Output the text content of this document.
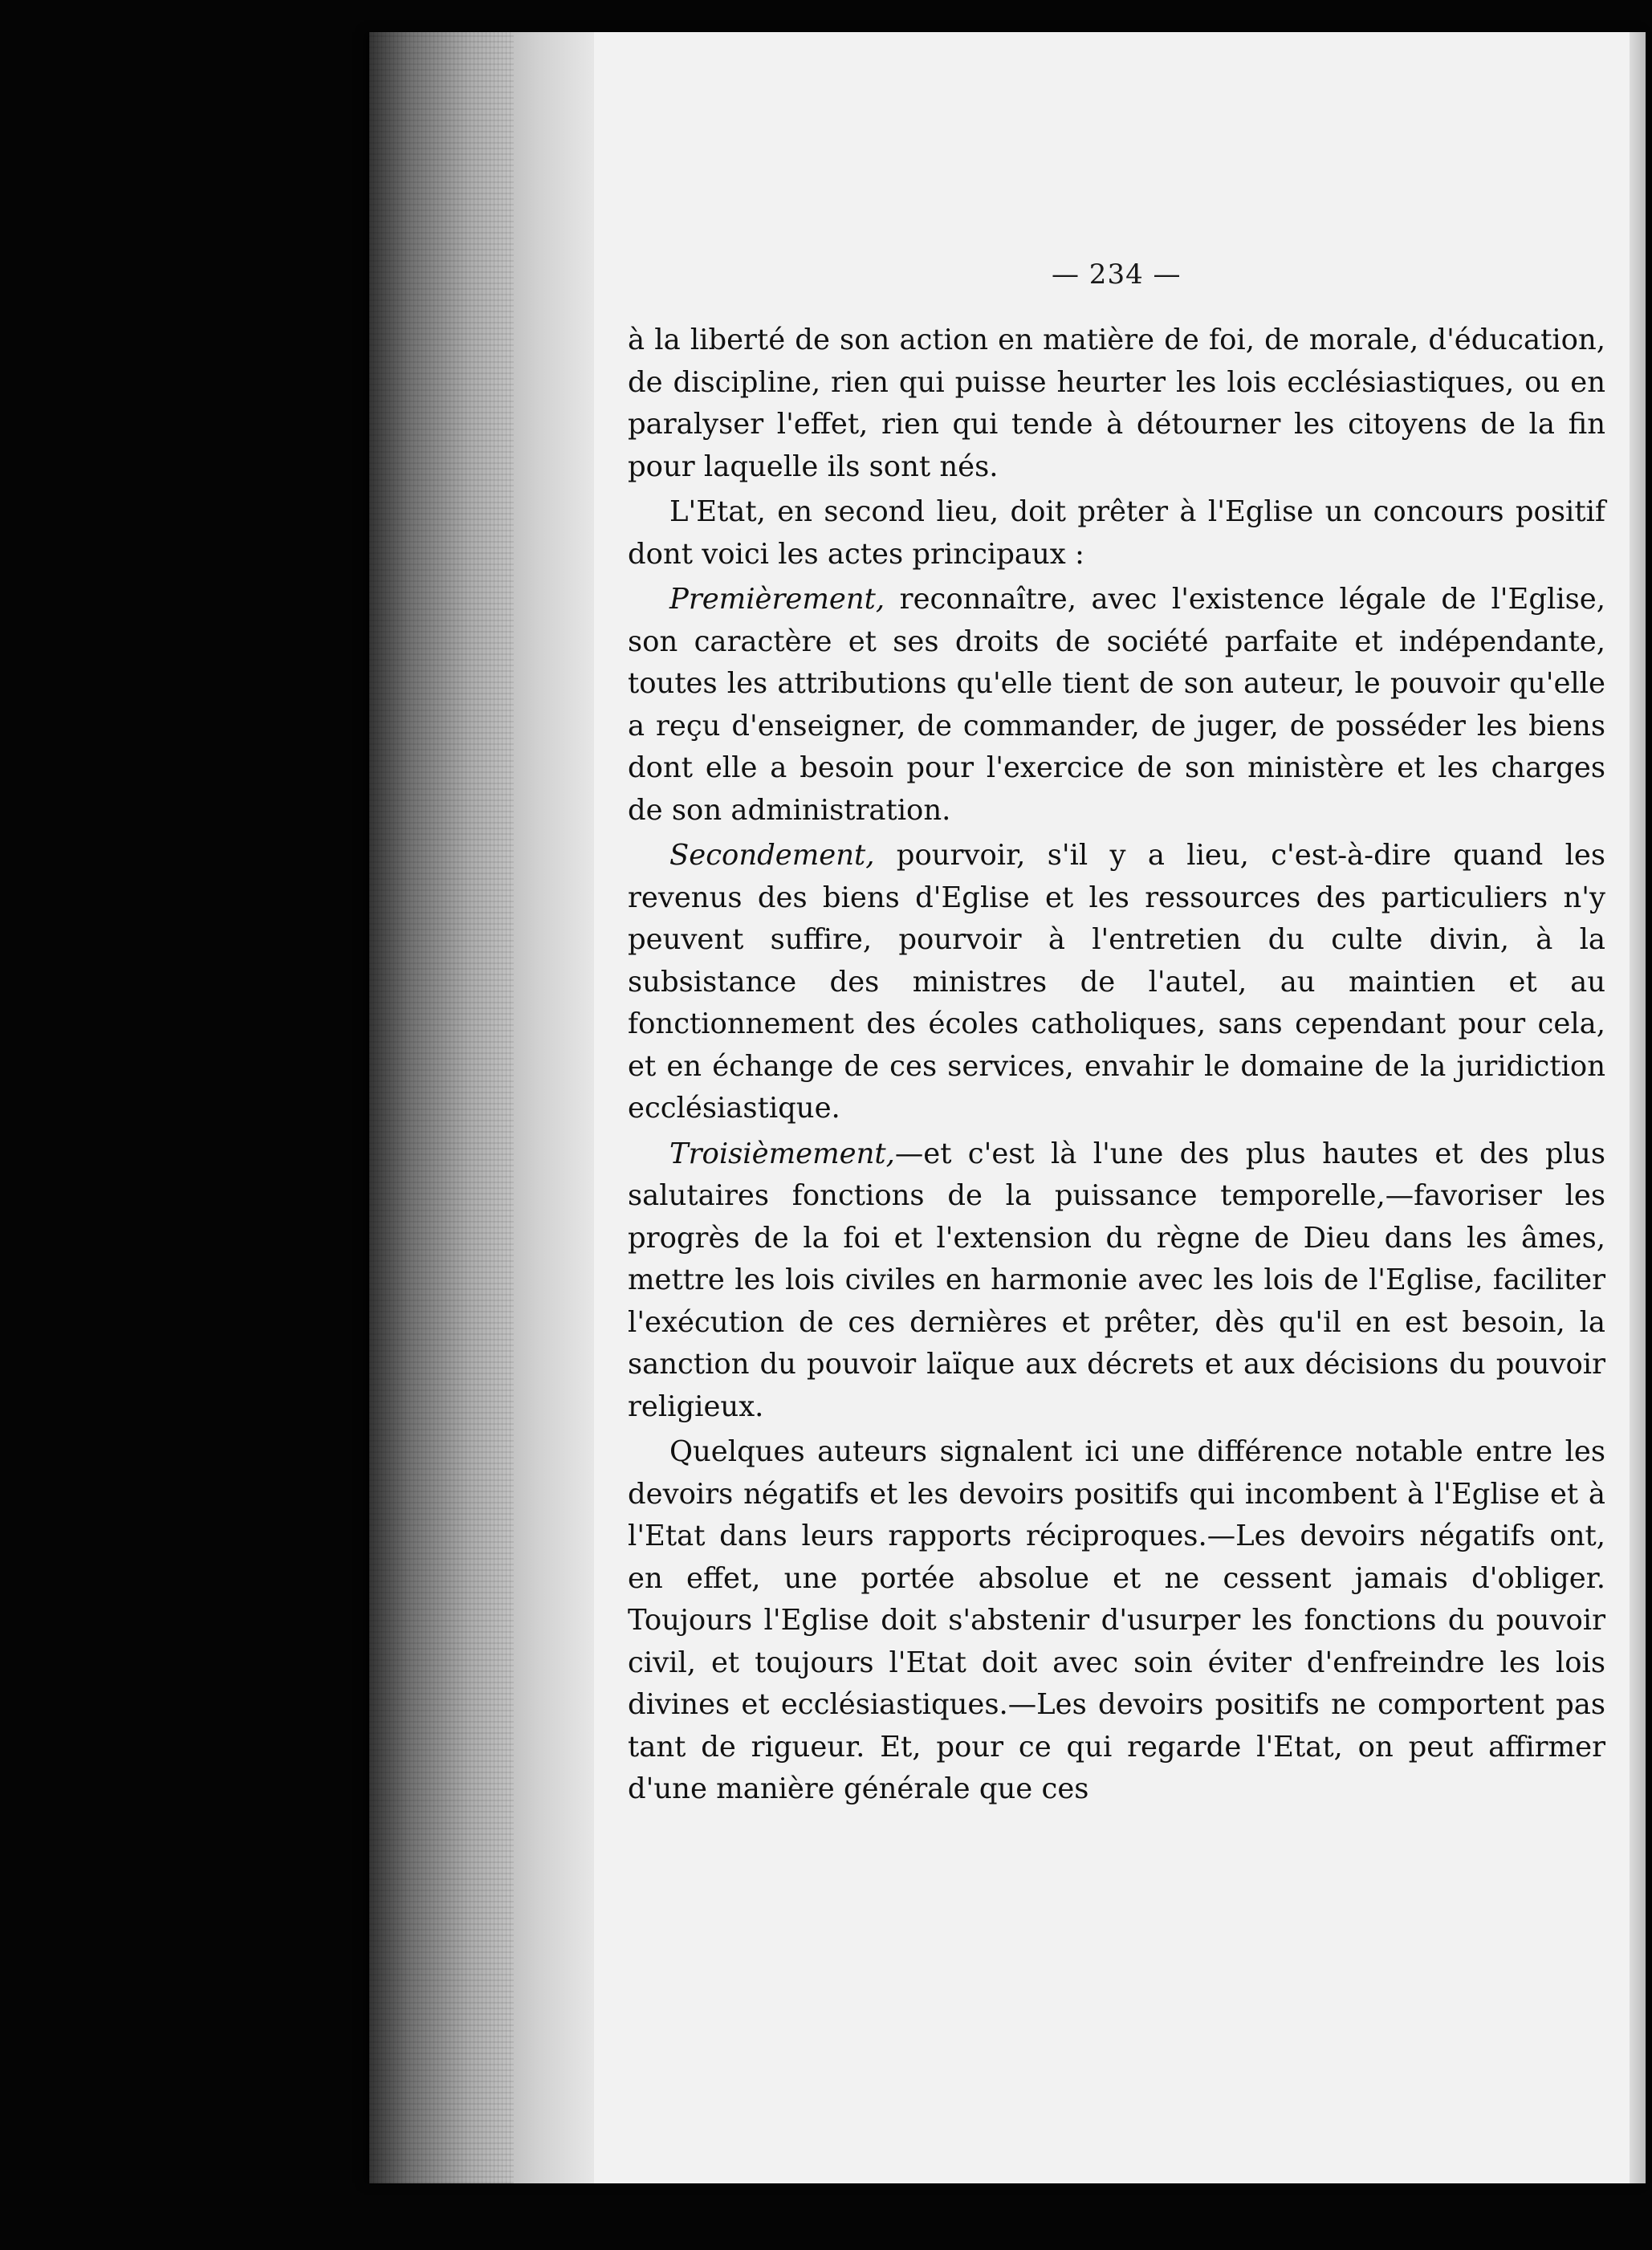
— 234 —

à la liberté de son action en matière de foi, de morale, d'éducation, de discipline, rien qui puisse heurter les lois ecclésiastiques, ou en paralyser l'effet, rien qui tende à détourner les citoyens de la fin pour laquelle ils sont nés.

L'Etat, en second lieu, doit prêter à l'Eglise un concours positif dont voici les actes principaux :

Premièrement, reconnaître, avec l'existence légale de l'Eglise, son caractère et ses droits de société parfaite et indépendante, toutes les attributions qu'elle tient de son auteur, le pouvoir qu'elle a reçu d'enseigner, de commander, de juger, de posséder les biens dont elle a besoin pour l'exercice de son ministère et les charges de son administration.

Secondement, pourvoir, s'il y a lieu, c'est-à-dire quand les revenus des biens d'Eglise et les ressources des particuliers n'y peuvent suffire, pourvoir à l'entretien du culte divin, à la subsistance des ministres de l'autel, au maintien et au fonctionnement des écoles catholiques, sans cependant pour cela, et en échange de ces services, envahir le domaine de la juridiction ecclésiastique.

Troisièmement,—et c'est là l'une des plus hautes et des plus salutaires fonctions de la puissance temporelle,—favoriser les progrès de la foi et l'extension du règne de Dieu dans les âmes, mettre les lois civiles en harmonie avec les lois de l'Eglise, faciliter l'exécution de ces dernières et prêter, dès qu'il en est besoin, la sanction du pouvoir laïque aux décrets et aux décisions du pouvoir religieux.

Quelques auteurs signalent ici une différence notable entre les devoirs négatifs et les devoirs positifs qui incombent à l'Eglise et à l'Etat dans leurs rapports réciproques.—Les devoirs négatifs ont, en effet, une portée absolue et ne cessent jamais d'obliger. Toujours l'Eglise doit s'abstenir d'usurper les fonctions du pouvoir civil, et toujours l'Etat doit avec soin éviter d'enfreindre les lois divines et ecclésiastiques.—Les devoirs positifs ne comportent pas tant de rigueur. Et, pour ce qui regarde l'Etat, on peut affirmer d'une manière générale que ces
